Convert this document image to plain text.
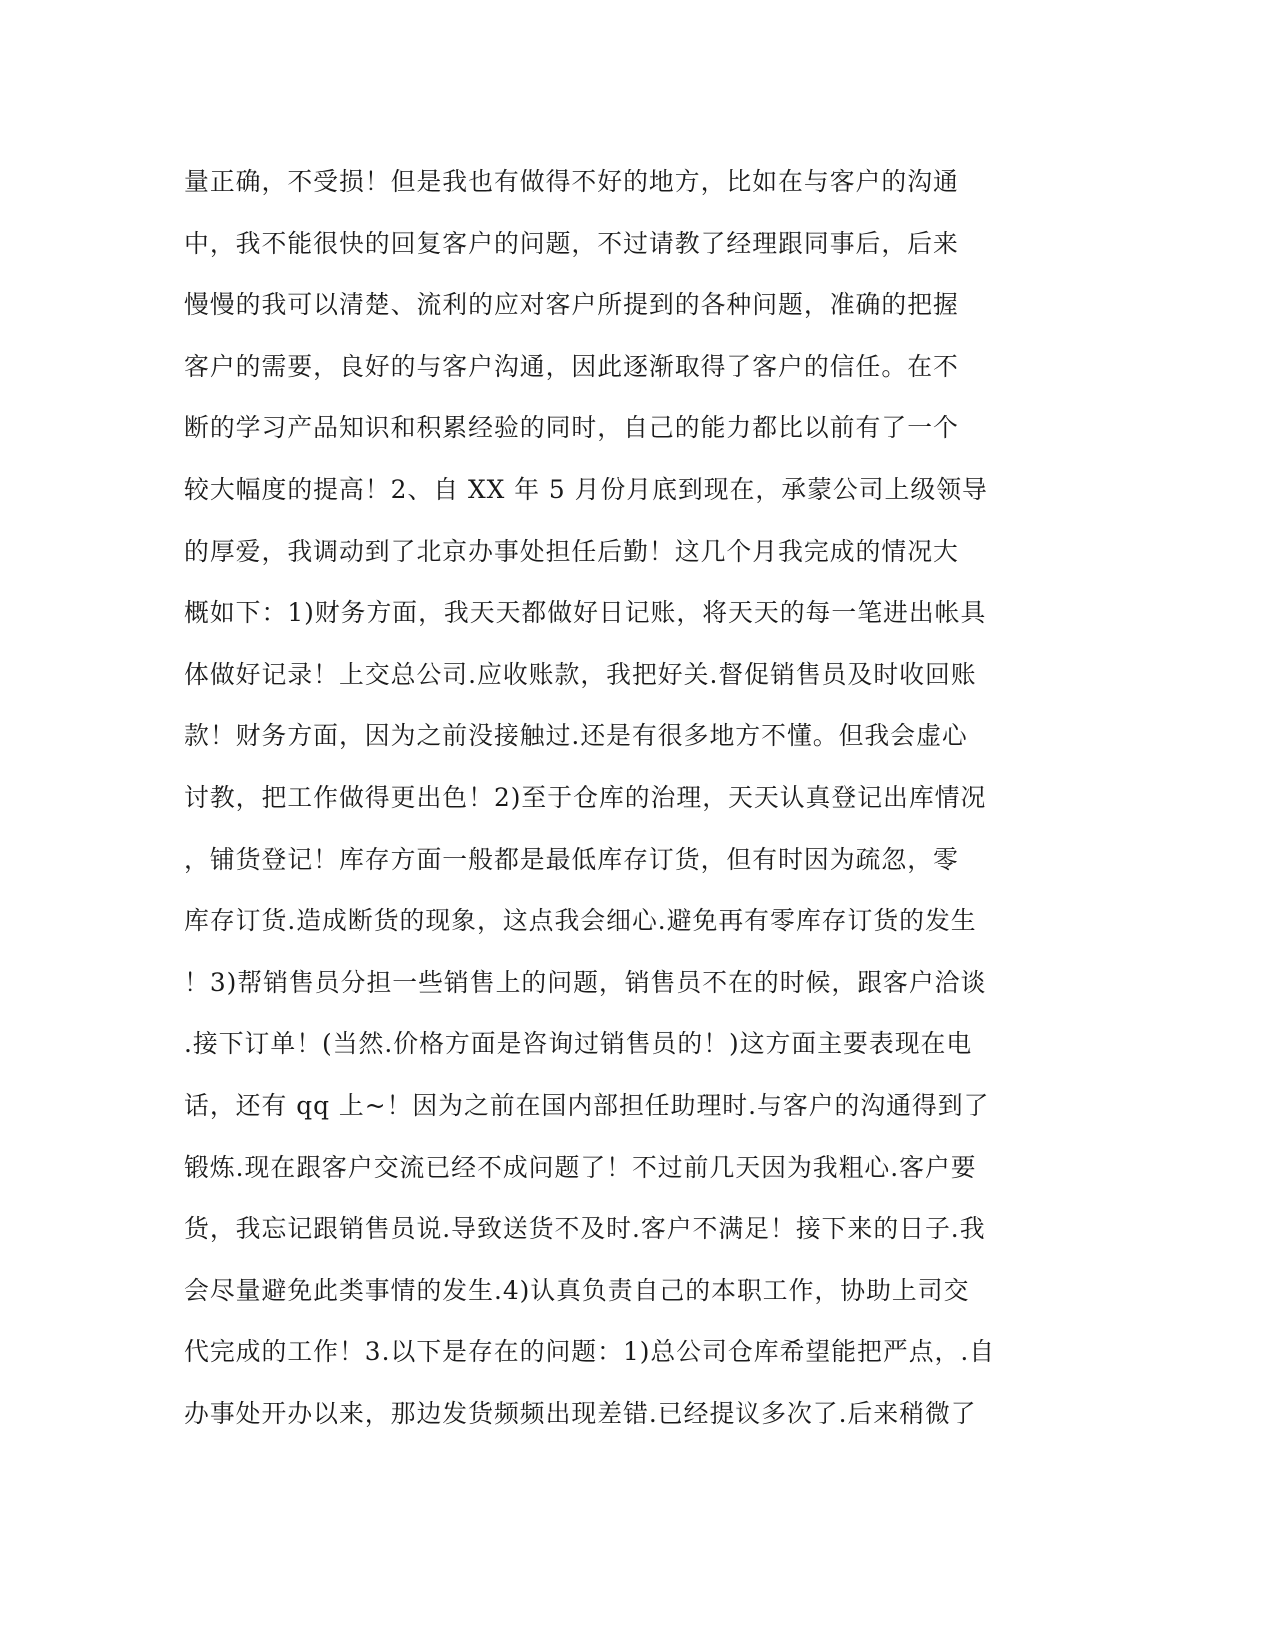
量正确，不受损！但是我也有做得不好的地方，比如在与客户的沟通
中，我不能很快的回复客户的问题，不过请教了经理跟同事后，后来
慢慢的我可以清楚、流利的应对客户所提到的各种问题，准确的把握
客户的需要，良好的与客户沟通，因此逐渐取得了客户的信任。在不
断的学习产品知识和积累经验的同时，自己的能力都比以前有了一个
较大幅度的提高！2、自 XX 年 5 月份月底到现在，承蒙公司上级领导
的厚爱，我调动到了北京办事处担任后勤！这几个月我完成的情况大
概如下：1)财务方面，我天天都做好日记账，将天天的每一笔进出帐具
体做好记录！上交总公司.应收账款，我把好关.督促销售员及时收回账
款！财务方面，因为之前没接触过.还是有很多地方不懂。但我会虚心
讨教，把工作做得更出色！2)至于仓库的治理，天天认真登记出库情况
，铺货登记！库存方面一般都是最低库存订货，但有时因为疏忽，零
库存订货.造成断货的现象，这点我会细心.避免再有零库存订货的发生
！3)帮销售员分担一些销售上的问题，销售员不在的时候，跟客户洽谈
.接下订单！(当然.价格方面是咨询过销售员的！)这方面主要表现在电
话，还有 qq 上~！因为之前在国内部担任助理时.与客户的沟通得到了
锻炼.现在跟客户交流已经不成问题了！不过前几天因为我粗心.客户要
货，我忘记跟销售员说.导致送货不及时.客户不满足！接下来的日子.我
会尽量避免此类事情的发生.4)认真负责自己的本职工作，协助上司交
代完成的工作！3.以下是存在的问题：1)总公司仓库希望能把严点，.自
办事处开办以来，那边发货频频出现差错.已经提议多次了.后来稍微了
